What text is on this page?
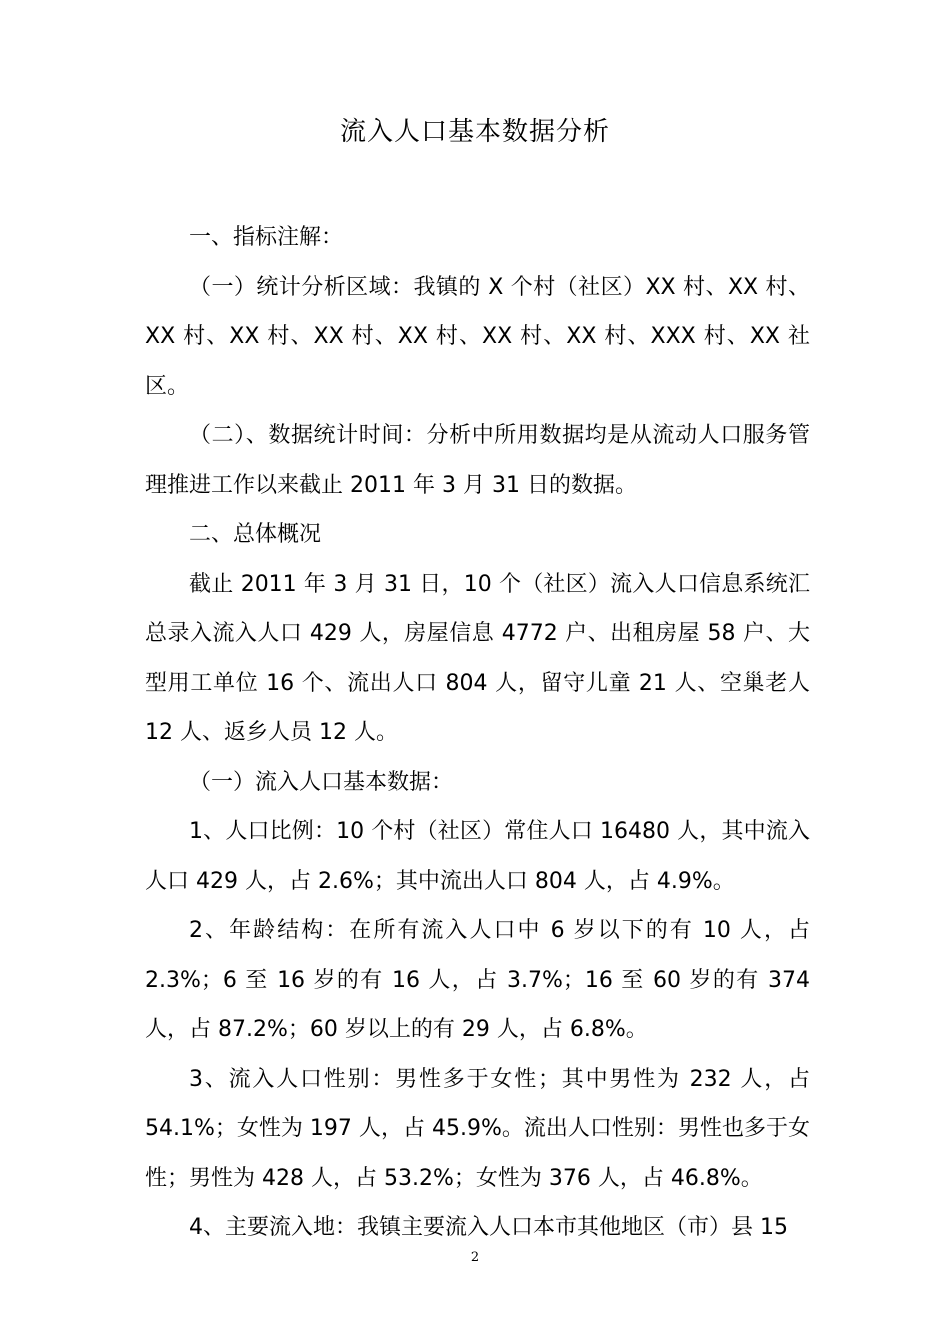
流入人口基本数据分析

一、指标注解：

（一）统计分析区域：我镇的 X 个村（社区）XX 村、XX 村、XX 村、XX 村、XX 村、XX 村、XX 村、XX 村、XXX 村、XX 社区。

（二）、数据统计时间：分析中所用数据均是从流动人口服务管理推进工作以来截止 2011 年 3 月 31 日的数据。

二、总体概况

截止 2011 年 3 月 31 日，10 个（社区）流入人口信息系统汇总录入流入人口 429 人，房屋信息 4772 户、出租房屋 58 户、大型用工单位 16 个、流出人口 804 人，留守儿童 21 人、空巢老人 12 人、返乡人员 12 人。

（一）流入人口基本数据：

1、人口比例：10 个村（社区）常住人口 16480 人，其中流入人口 429 人，占 2.6%；其中流出人口 804 人，占 4.9%。

2、年龄结构：在所有流入人口中 6 岁以下的有 10 人，占 2.3%；6 至 16 岁的有 16 人，占 3.7%；16 至 60 岁的有 374 人，占 87.2%；60 岁以上的有 29 人，占 6.8%。

3、流入人口性别：男性多于女性；其中男性为 232 人，占 54.1%；女性为 197 人，占 45.9%。流出人口性别：男性也多于女性；男性为 428 人，占 53.2%；女性为 376 人，占 46.8%。

4、主要流入地：我镇主要流入人口本市其他地区（市）县 15

2
